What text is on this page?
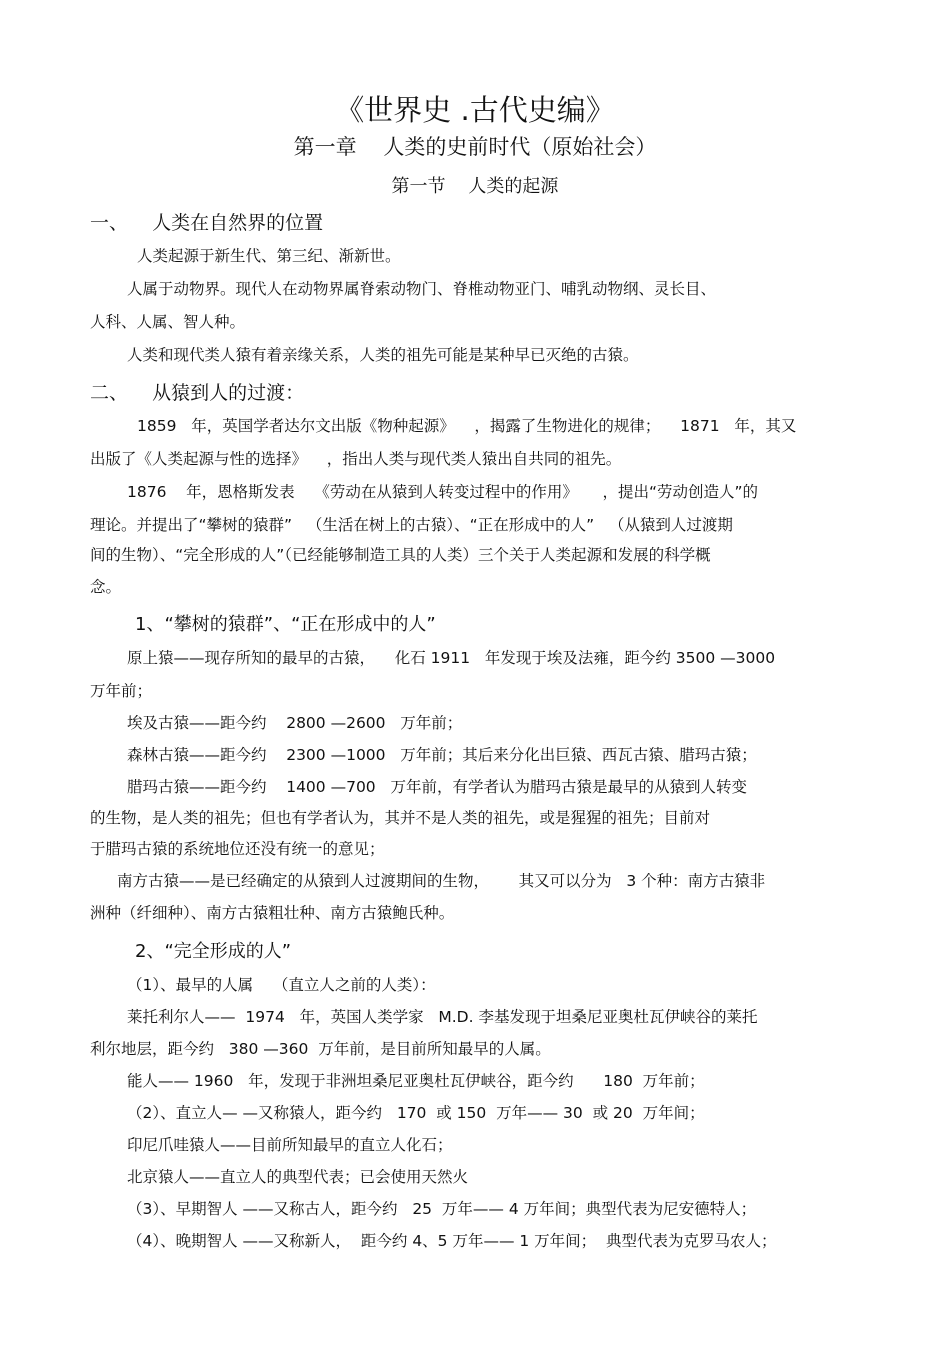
《世界史 .古代史编》
第一章    人类的史前时代（原始社会）
第一节    人类的起源
一、    人类在自然界的位置
人类起源于新生代、第三纪、渐新世。
人属于动物界。现代人在动物界属脊索动物门、脊椎动物亚门、哺乳动物纲、灵长目、
人科、人属、智人种。
人类和现代类人猿有着亲缘关系，人类的祖先可能是某种早已灭绝的古猿。
二、    从猿到人的过渡：
1859   年，英国学者达尔文出版《物种起源》    ，揭露了生物进化的规律；    1871   年，其又
出版了《人类起源与性的选择》    ，指出人类与现代类人猿出自共同的祖先。
1876    年，恩格斯发表    《劳动在从猿到人转变过程中的作用》     ，提出“劳动创造人”的
理论。并提出了“攀树的猿群”   （生活在树上的古猿）、“正在形成中的人”   （从猿到人过渡期
间的生物）、“完全形成的人”（已经能够制造工具的人类）三个关于人类起源和发展的科学概
念。
1、“攀树的猿群”、“正在形成中的人”
原上猿——现存所知的最早的古猿，    化石 1911   年发现于埃及法雍，距今约 3500 —3000
万年前；
埃及古猿——距今约    2800 —2600   万年前；
森林古猿——距今约    2300 —1000   万年前；其后来分化出巨猿、西瓦古猿、腊玛古猿；
腊玛古猿——距今约    1400 —700   万年前，有学者认为腊玛古猿是最早的从猿到人转变
的生物，是人类的祖先；但也有学者认为，其并不是人类的祖先，或是猩猩的祖先；目前对
于腊玛古猿的系统地位还没有统一的意见；
南方古猿——是已经确定的从猿到人过渡期间的生物，      其又可以分为   3 个种：南方古猿非
洲种（纤细种）、南方古猿粗壮种、南方古猿鲍氏种。
2、“完全形成的人”
（1）、最早的人属    （直立人之前的人类）：
莱托利尔人——  1974   年，英国人类学家   M.D. 李基发现于坦桑尼亚奥杜瓦伊峡谷的莱托
利尔地层，距今约   380 —360  万年前，是目前所知最早的人属。
能人—— 1960   年，发现于非洲坦桑尼亚奥杜瓦伊峡谷，距今约      180  万年前；
（2）、直立人— —又称猿人，距今约   170  或 150  万年—— 30  或 20  万年间；
印尼爪哇猿人——目前所知最早的直立人化石；
北京猿人——直立人的典型代表；已会使用天然火
（3）、早期智人 ——又称古人，距今约   25  万年—— 4 万年间；典型代表为尼安德特人；
（4）、晚期智人 ——又称新人，  距今约 4、5 万年—— 1 万年间；  典型代表为克罗马农人；
